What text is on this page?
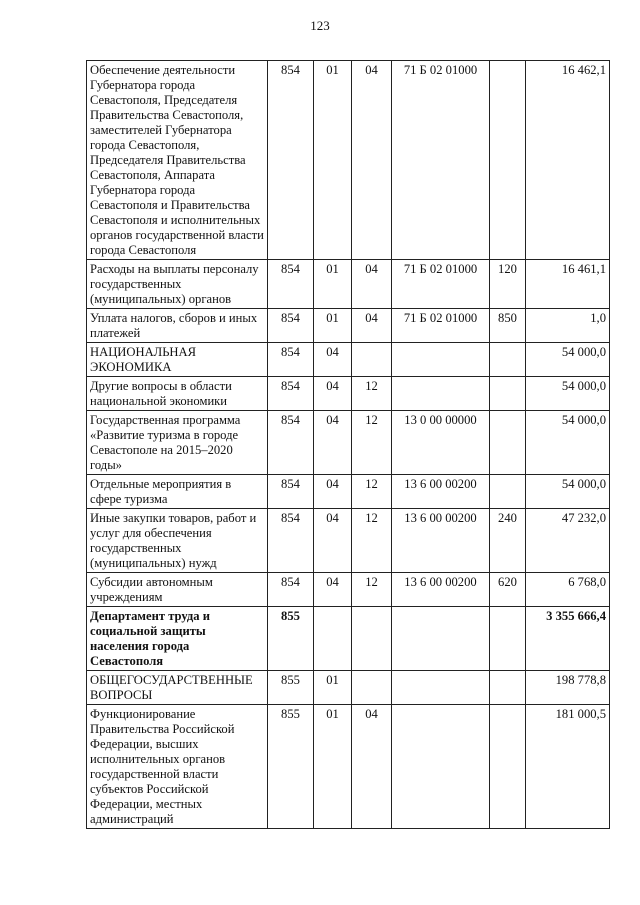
123
Обеспечение деятельности Губернатора города Севастополя, Председателя Правительства Севастополя, заместителей Губернатора города Севастополя, Председателя Правительства Севастополя, Аппарата Губернатора города Севастополя и Правительства Севастополя и исполнительных органов государственной власти города Севастополя	854	01	04	71 Б 02 01000		16 462,1
Расходы на выплаты персоналу государственных (муниципальных) органов	854	01	04	71 Б 02 01000	120	16 461,1
Уплата налогов, сборов и иных платежей	854	01	04	71 Б 02 01000	850	1,0
НАЦИОНАЛЬНАЯ ЭКОНОМИКА	854	04				54 000,0
Другие вопросы в области национальной экономики	854	04	12			54 000,0
Государственная программа «Развитие туризма в городе Севастополе на 2015–2020 годы»	854	04	12	13 0 00 00000		54 000,0
Отдельные мероприятия в сфере туризма	854	04	12	13 6 00 00200		54 000,0
Иные закупки товаров, работ и услуг для обеспечения государственных (муниципальных) нужд	854	04	12	13 6 00 00200	240	47 232,0
Субсидии автономным учреждениям	854	04	12	13 6 00 00200	620	6 768,0
Департамент труда и социальной защиты населения города Севастополя	855					3 355 666,4
ОБЩЕГОСУДАРСТВЕННЫЕ ВОПРОСЫ	855	01				198 778,8
Функционирование Правительства Российской Федерации, высших исполнительных органов государственной власти субъектов Российской Федерации, местных администраций	855	01	04			181 000,5
